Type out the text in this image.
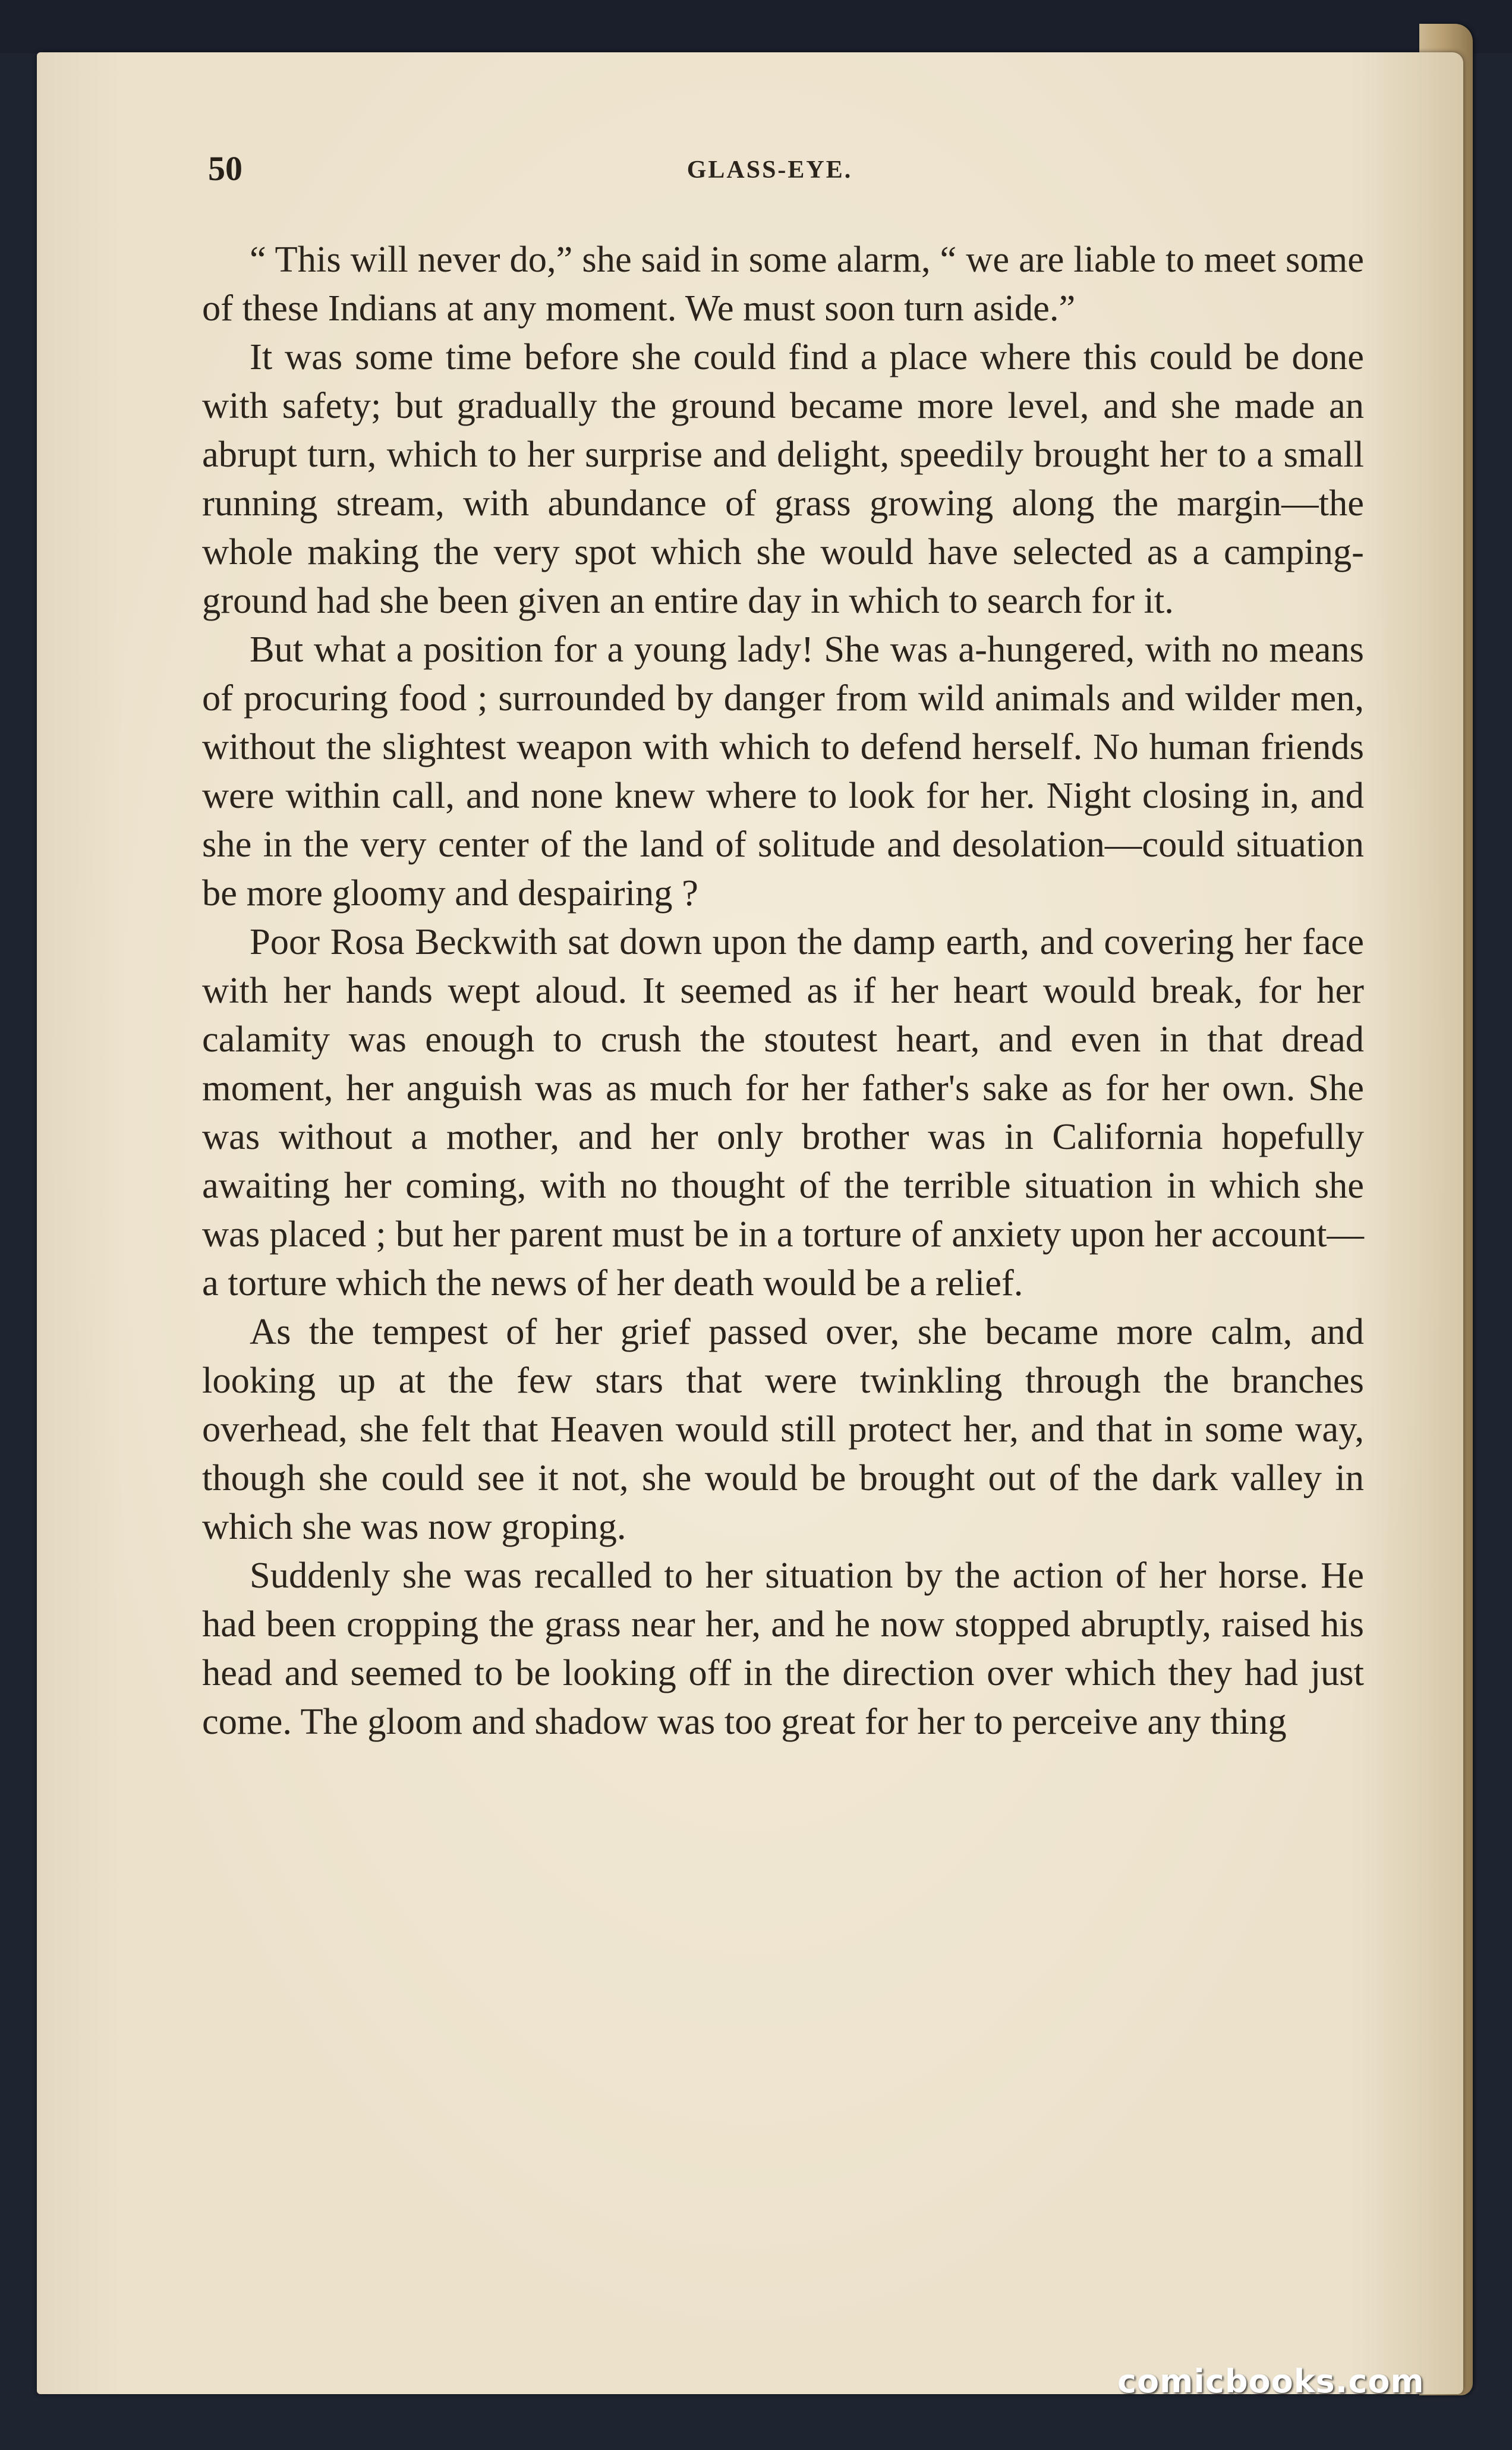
50	GLASS-EYE.

“ This will never do,” she said in some alarm, “ we are liable to meet some of these Indians at any moment. We must soon turn aside.”

It was some time before she could find a place where this could be done with safety; but gradually the ground became more level, and she made an abrupt turn, which to her surprise and delight, speedily brought her to a small running stream, with abundance of grass growing along the margin—the whole making the very spot which she would have selected as a camping-ground had she been given an entire day in which to search for it.

But what a position for a young lady! She was a-hungered, with no means of procuring food ; surrounded by danger from wild animals and wilder men, without the slightest weapon with which to defend herself. No human friends were within call, and none knew where to look for her. Night closing in, and she in the very center of the land of solitude and desolation—could situation be more gloomy and despairing ?

Poor Rosa Beckwith sat down upon the damp earth, and covering her face with her hands wept aloud. It seemed as if her heart would break, for her calamity was enough to crush the stoutest heart, and even in that dread moment, her anguish was as much for her father's sake as for her own. She was without a mother, and her only brother was in California hopefully awaiting her coming, with no thought of the terrible situation in which she was placed ; but her parent must be in a torture of anxiety upon her account—a torture which the news of her death would be a relief.

As the tempest of her grief passed over, she became more calm, and looking up at the few stars that were twinkling through the branches overhead, she felt that Heaven would still protect her, and that in some way, though she could see it not, she would be brought out of the dark valley in which she was now groping.

Suddenly she was recalled to her situation by the action of her horse. He had been cropping the grass near her, and he now stopped abruptly, raised his head and seemed to be looking off in the direction over which they had just come. The gloom and shadow was too great for her to perceive any thing

comicbooks.com
